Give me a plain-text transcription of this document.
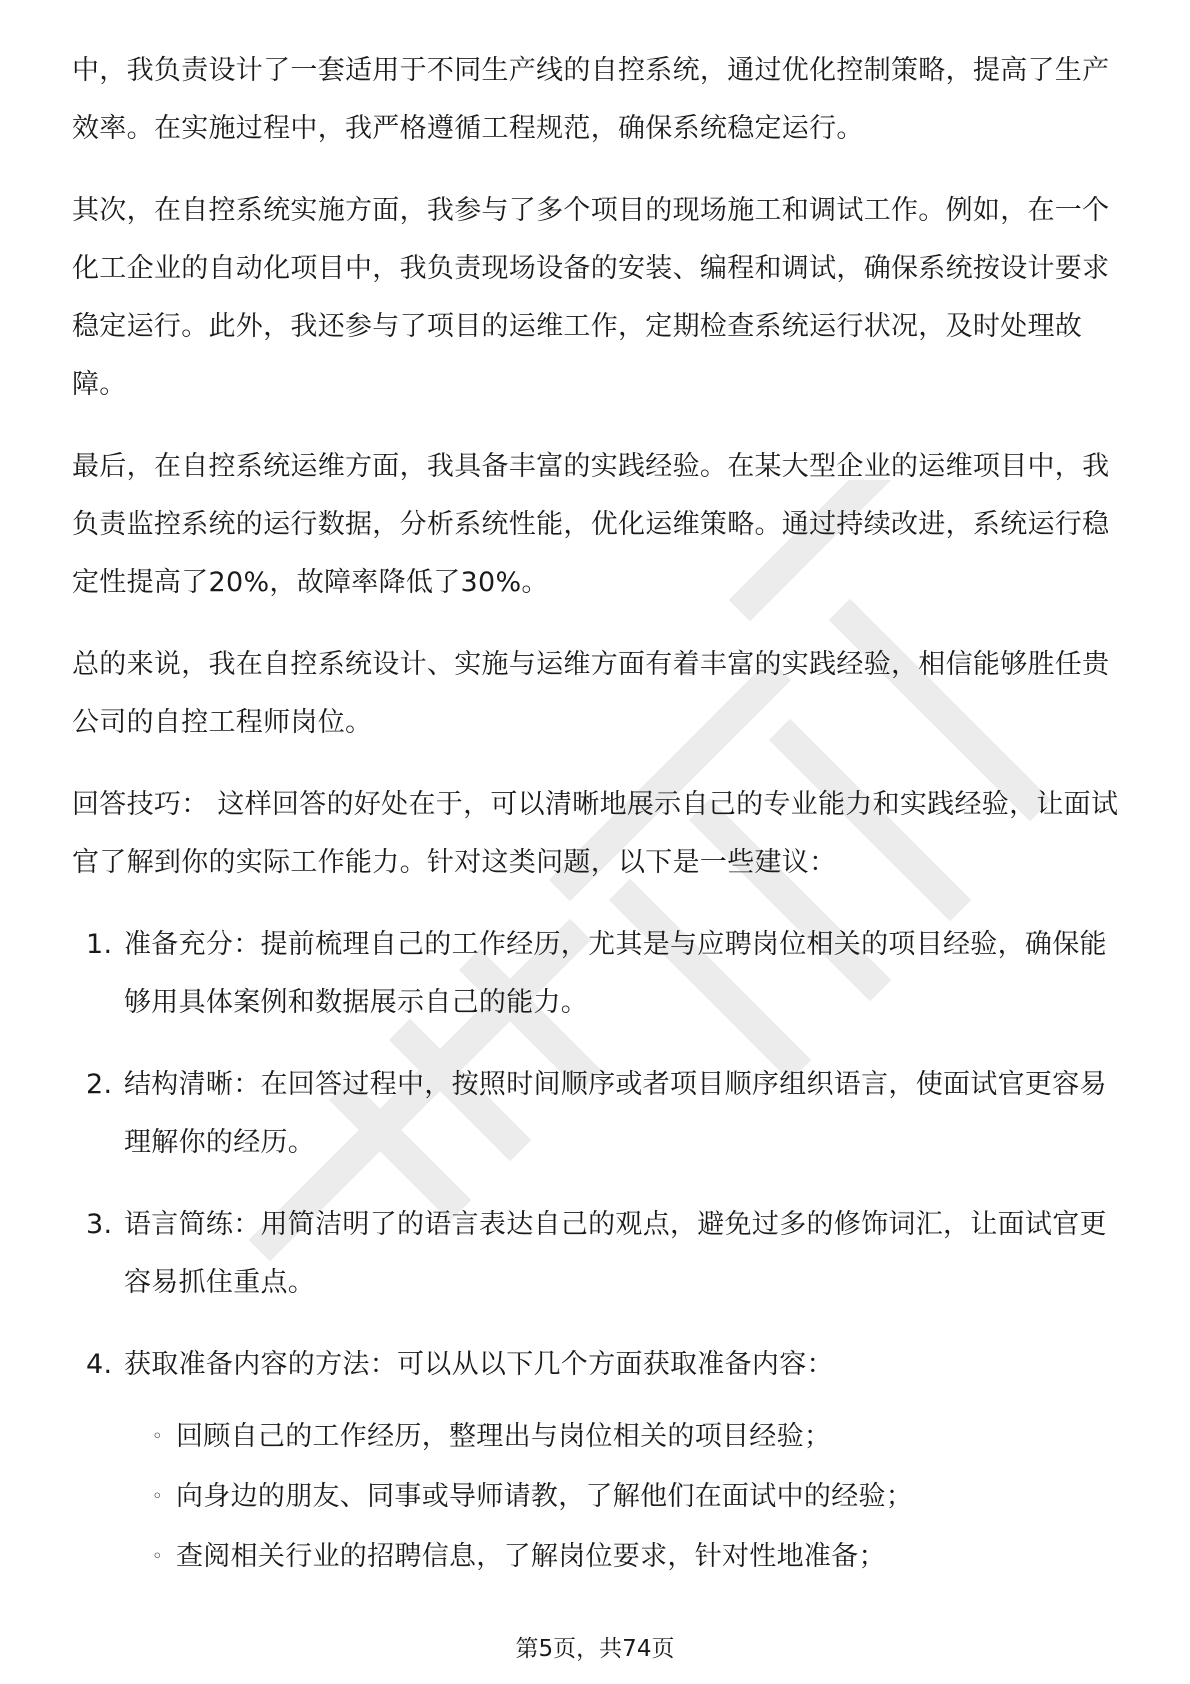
中，我负责设计了一套适用于不同生产线的自控系统，通过优化控制策略，提高了生产效率。在实施过程中，我严格遵循工程规范，确保系统稳定运行。

其次，在自控系统实施方面，我参与了多个项目的现场施工和调试工作。例如，在一个化工企业的自动化项目中，我负责现场设备的安装、编程和调试，确保系统按设计要求稳定运行。此外，我还参与了项目的运维工作，定期检查系统运行状况，及时处理故障。

最后，在自控系统运维方面，我具备丰富的实践经验。在某大型企业的运维项目中，我负责监控系统的运行数据，分析系统性能，优化运维策略。通过持续改进，系统运行稳定性提高了20%，故障率降低了30%。

总的来说，我在自控系统设计、实施与运维方面有着丰富的实践经验，相信能够胜任贵公司的自控工程师岗位。

回答技巧： 这样回答的好处在于，可以清晰地展示自己的专业能力和实践经验，让面试官了解到你的实际工作能力。针对这类问题，以下是一些建议：

1. 准备充分：提前梳理自己的工作经历，尤其是与应聘岗位相关的项目经验，确保能够用具体案例和数据展示自己的能力。
2. 结构清晰：在回答过程中，按照时间顺序或者项目顺序组织语言，使面试官更容易理解你的经历。
3. 语言简练：用简洁明了的语言表达自己的观点，避免过多的修饰词汇，让面试官更容易抓住重点。
4. 获取准备内容的方法：可以从以下几个方面获取准备内容：
◦ 回顾自己的工作经历，整理出与岗位相关的项目经验；
◦ 向身边的朋友、同事或导师请教，了解他们在面试中的经验；
◦ 查阅相关行业的招聘信息，了解岗位要求，针对性地准备；
第5页，共74页
